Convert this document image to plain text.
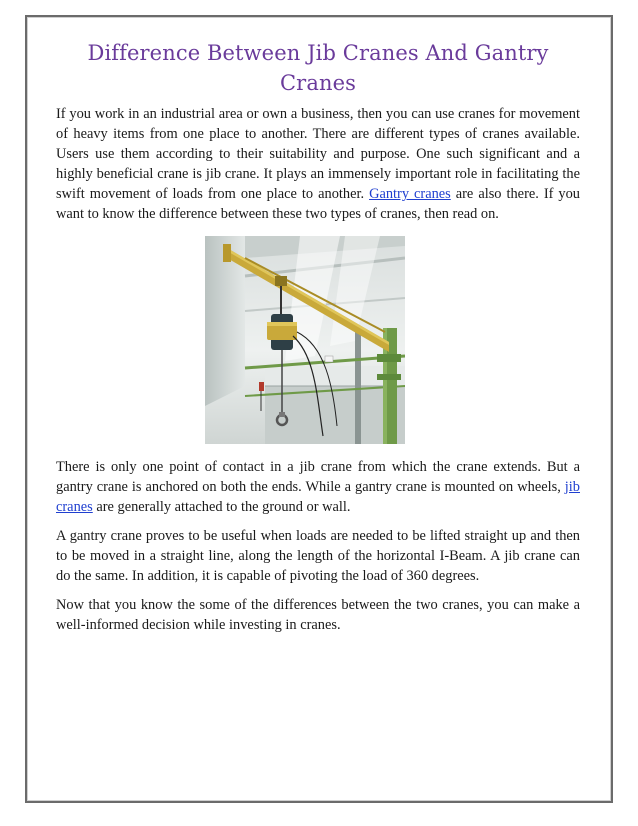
Difference Between Jib Cranes And Gantry Cranes

If you work in an industrial area or own a business, then you can use cranes for movement of heavy items from one place to another. There are different types of cranes available. Users use them according to their suitability and purpose. One such significant and a highly beneficial crane is jib crane. It plays an immensely important role in facilitating the swift movement of loads from one place to another. Gantry cranes are also there. If you want to know the difference between these two types of cranes, then read on.

There is only one point of contact in a jib crane from which the crane extends. But a gantry crane is anchored on both the ends. While a gantry crane is mounted on wheels, jib cranes are generally attached to the ground or wall.

A gantry crane proves to be useful when loads are needed to be lifted straight up and then to be moved in a straight line, along the length of the horizontal I-Beam. A jib crane can do the same. In addition, it is capable of pivoting the load of 360 degrees.

Now that you know the some of the differences between the two cranes, you can make a well-informed decision while investing in cranes.
